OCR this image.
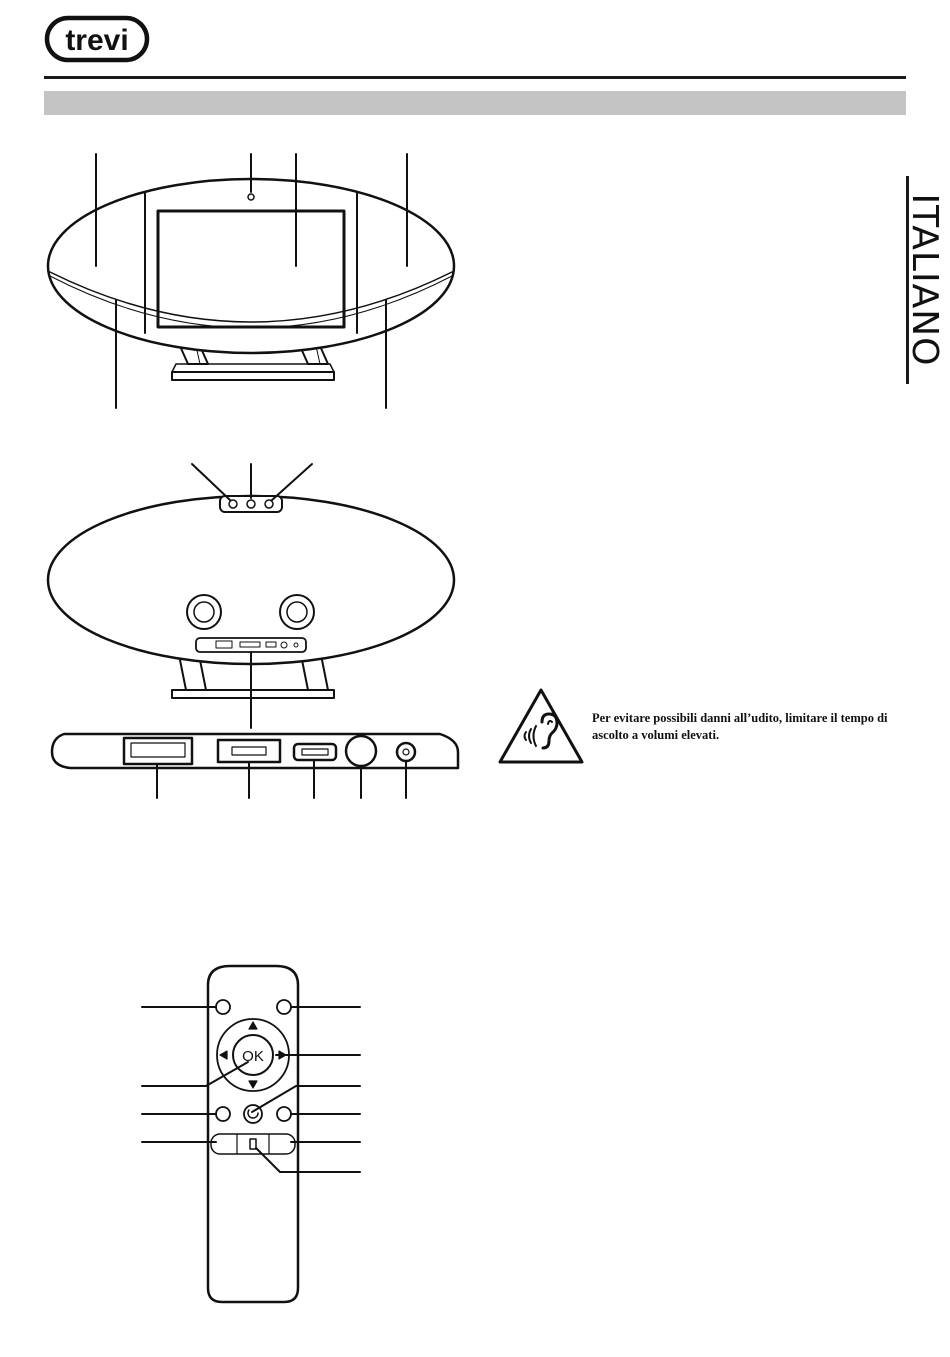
trevi
ITALIANO
OK

Per evitare possibili danni all’udito, limitare il tempo di ascolto a volumi elevati.
